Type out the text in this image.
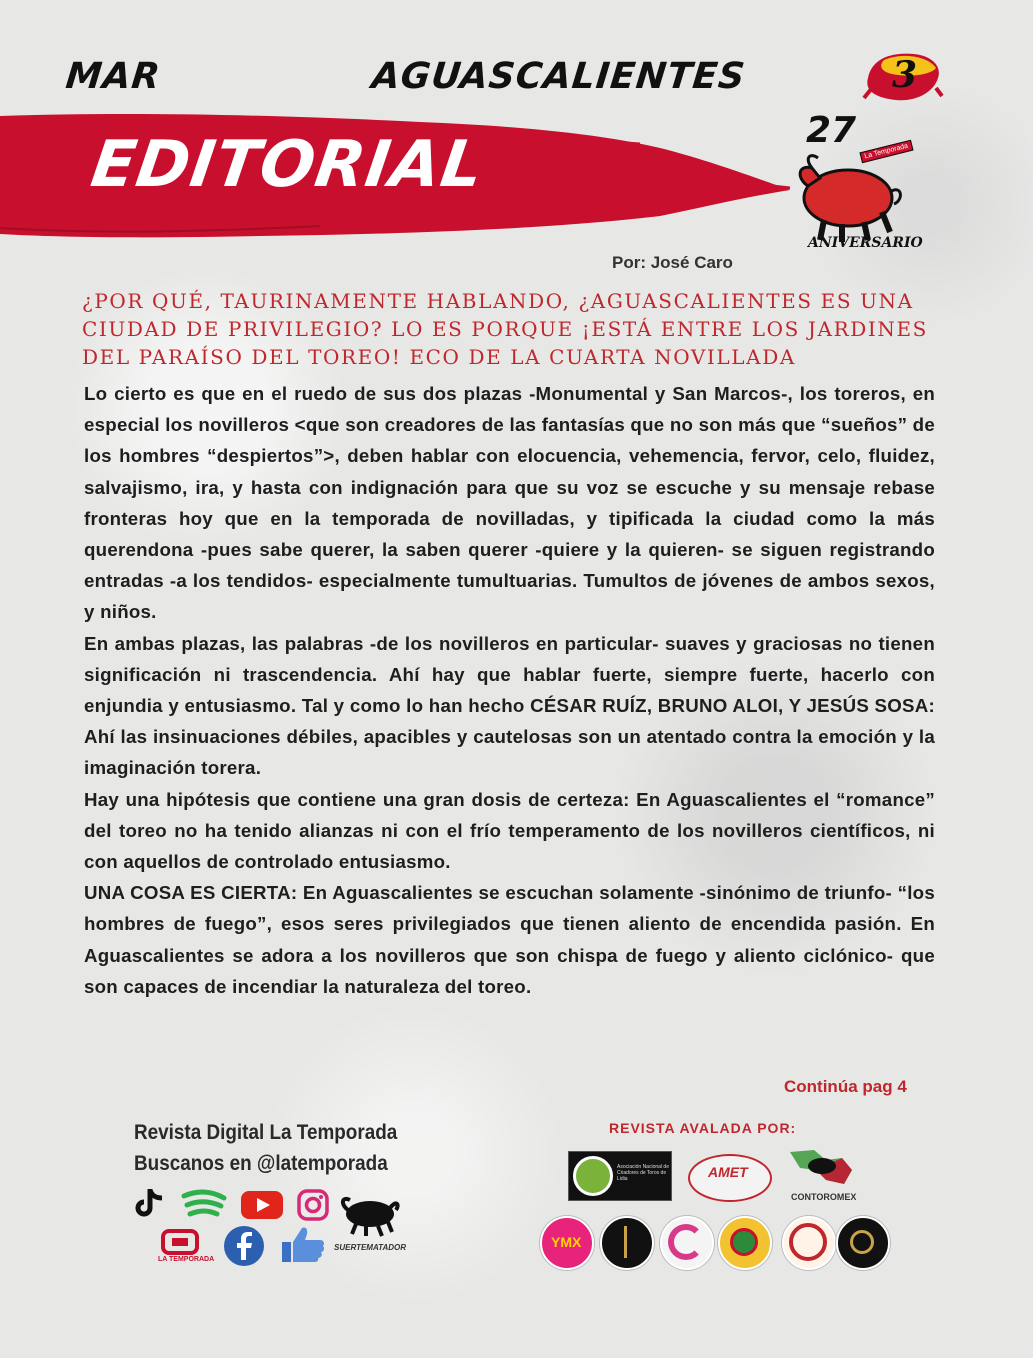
MAR	AGUASCALIENTES	3
EDITORIAL	27
La Temporada
ANIVERSARIO
Por: José Caro
¿POR QUÉ, TAURINAMENTE HABLANDO, ¿AGUASCALIENTES ES UNA CIUDAD DE PRIVILEGIO? LO ES PORQUE ¡ESTÁ ENTRE LOS JARDINES DEL PARAÍSO DEL TOREO! ECO DE LA CUARTA NOVILLADA

Lo cierto es que en el ruedo de sus dos plazas -Monumental y San Marcos-, los toreros, en especial los novilleros <que son creadores de las fantasías que no son más que “sueños” de los hombres “despiertos”>, deben hablar con elocuencia, vehemencia, fervor, celo, fluidez, salvajismo, ira, y hasta con indignación para que su voz se escuche y su mensaje rebase fronteras hoy que en la temporada de novilladas, y tipificada la ciudad como la más querendona -pues sabe querer, la saben querer -quiere y la quieren- se siguen registrando entradas -a los tendidos- especialmente tumultuarias. Tumultos de jóvenes de ambos sexos, y niños.

En ambas plazas, las palabras -de los novilleros en particular- suaves y graciosas no tienen significación ni trascendencia. Ahí hay que hablar fuerte, siempre fuerte, hacerlo con enjundia y entusiasmo. Tal y como lo han hecho CÉSAR RUÍZ, BRUNO ALOI, Y JESÚS SOSA: Ahí las insinuaciones débiles, apacibles y cautelosas son un atentado contra la emoción y la imaginación torera.

Hay una hipótesis que contiene una gran dosis de certeza: En Aguascalientes el “romance” del toreo no ha tenido alianzas ni con el frío temperamento de los novilleros científicos, ni con aquellos de controlado entusiasmo.

UNA COSA ES CIERTA: En Aguascalientes se escuchan solamente -sinónimo de triunfo- “los hombres de fuego”, esos seres privilegiados que tienen aliento de encendida pasión. En Aguascalientes se adora a los novilleros que son chispa de fuego y aliento ciclónico- que son capaces de incendiar la naturaleza del toreo.

Continúa pag 4
Revista Digital La Temporada
Buscanos en @latemporada
SUERTEMATADOR
LA TEMPORADA
REVISTA AVALADA POR:
Asociación Nacional de Criadores de Toros de Lidia	AMET
CONTOROMEX
YMX
